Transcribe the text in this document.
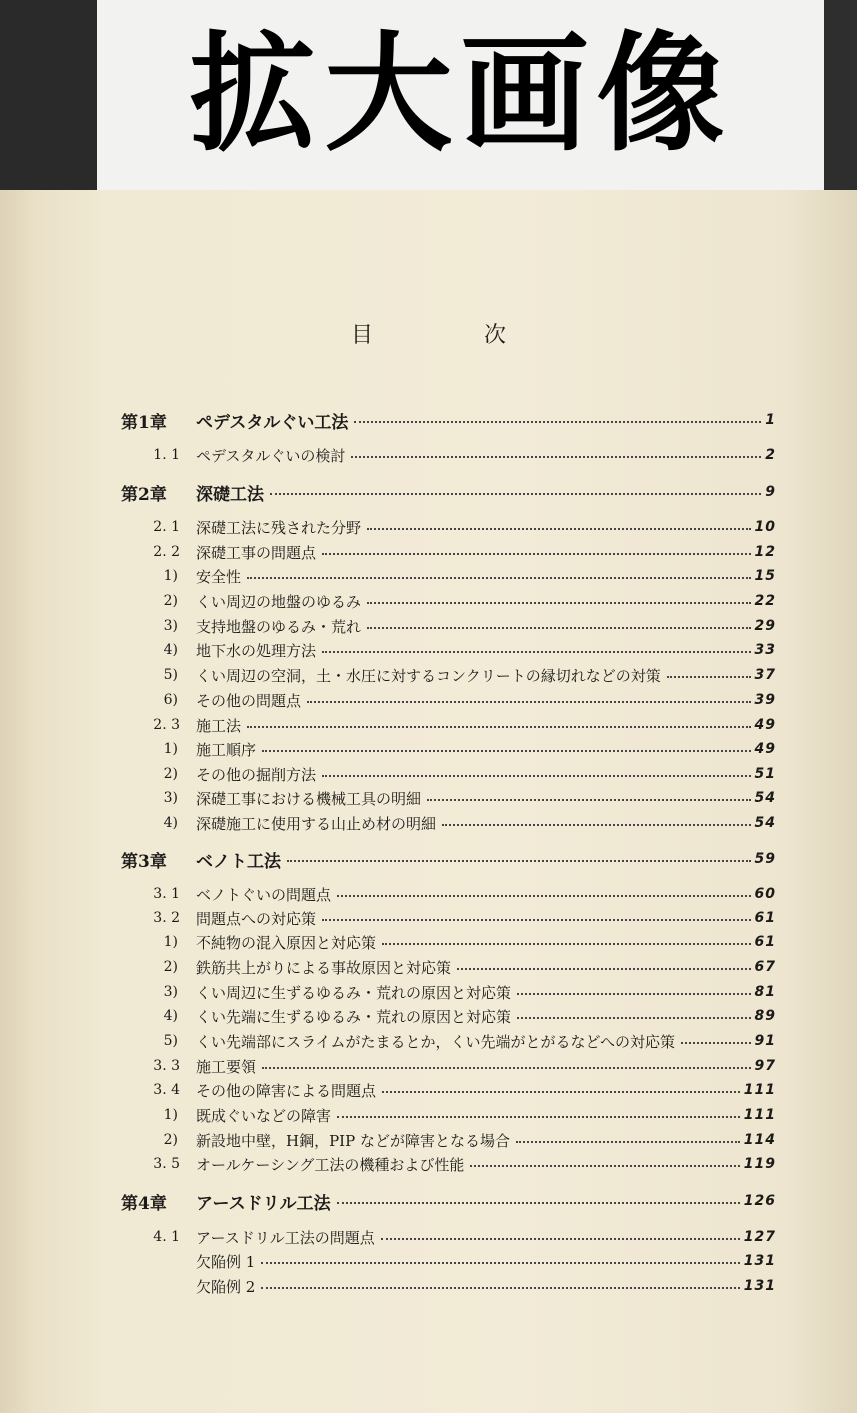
拡大画像
目 次
第1章 ペデスタルぐい工法	1
1. 1 ペデスタルぐいの検討	2
第2章 深礎工法	9
2. 1 深礎工法に残された分野	10
2. 2 深礎工事の問題点	12
1) 安全性	15
2) くい周辺の地盤のゆるみ	22
3) 支持地盤のゆるみ・荒れ	29
4) 地下水の処理方法	33
5) くい周辺の空洞，土・水圧に対するコンクリートの縁切れなどの対策	37
6) その他の問題点	39
2. 3 施工法	49
1) 施工順序	49
2) その他の掘削方法	51
3) 深礎工事における機械工具の明細	54
4) 深礎施工に使用する山止め材の明細	54
第3章 ベノト工法	59
3. 1 ベノトぐいの問題点	60
3. 2 問題点への対応策	61
1) 不純物の混入原因と対応策	61
2) 鉄筋共上がりによる事故原因と対応策	67
3) くい周辺に生ずるゆるみ・荒れの原因と対応策	81
4) くい先端に生ずるゆるみ・荒れの原因と対応策	89
5) くい先端部にスライムがたまるとか，くい先端がとがるなどへの対応策	91
3. 3 施工要領	97
3. 4 その他の障害による問題点	111
1) 既成ぐいなどの障害	111
2) 新設地中壁，H鋼，PIP などが障害となる場合	114
3. 5 オールケーシング工法の機種および性能	119
第4章 アースドリル工法	126
4. 1 アースドリル工法の問題点	127
欠陥例 1	131
欠陥例 2	131
